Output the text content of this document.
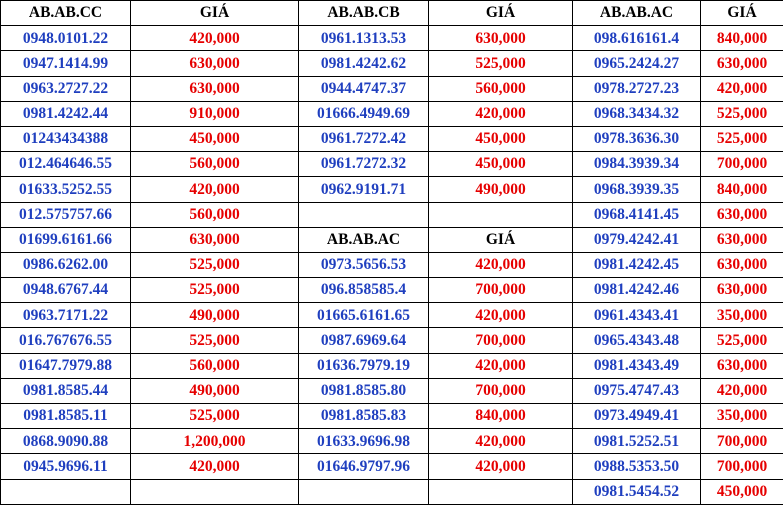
AB.AB.CC	GIÁ	AB.AB.CB	GIÁ	AB.AB.AC	GIÁ
0948.0101.22	420,000	0961.1313.53	630,000	098.616161.4	840,000
0947.1414.99	630,000	0981.4242.62	525,000	0965.2424.27	630,000
0963.2727.22	630,000	0944.4747.37	560,000	0978.2727.23	420,000
0981.4242.44	910,000	01666.4949.69	420,000	0968.3434.32	525,000
01243434388	450,000	0961.7272.42	450,000	0978.3636.30	525,000
012.464646.55	560,000	0961.7272.32	450,000	0984.3939.34	700,000
01633.5252.55	420,000	0962.9191.71	490,000	0968.3939.35	840,000
012.575757.66	560,000			0968.4141.45	630,000
01699.6161.66	630,000	AB.AB.AC	GIÁ	0979.4242.41	630,000
0986.6262.00	525,000	0973.5656.53	420,000	0981.4242.45	630,000
0948.6767.44	525,000	096.858585.4	700,000	0981.4242.46	630,000
0963.7171.22	490,000	01665.6161.65	420,000	0961.4343.41	350,000
016.767676.55	525,000	0987.6969.64	700,000	0965.4343.48	525,000
01647.7979.88	560,000	01636.7979.19	420,000	0981.4343.49	630,000
0981.8585.44	490,000	0981.8585.80	700,000	0975.4747.43	420,000
0981.8585.11	525,000	0981.8585.83	840,000	0973.4949.41	350,000
0868.9090.88	1,200,000	01633.9696.98	420,000	0981.5252.51	700,000
0945.9696.11	420,000	01646.9797.96	420,000	0988.5353.50	700,000
				0981.5454.52	450,000
